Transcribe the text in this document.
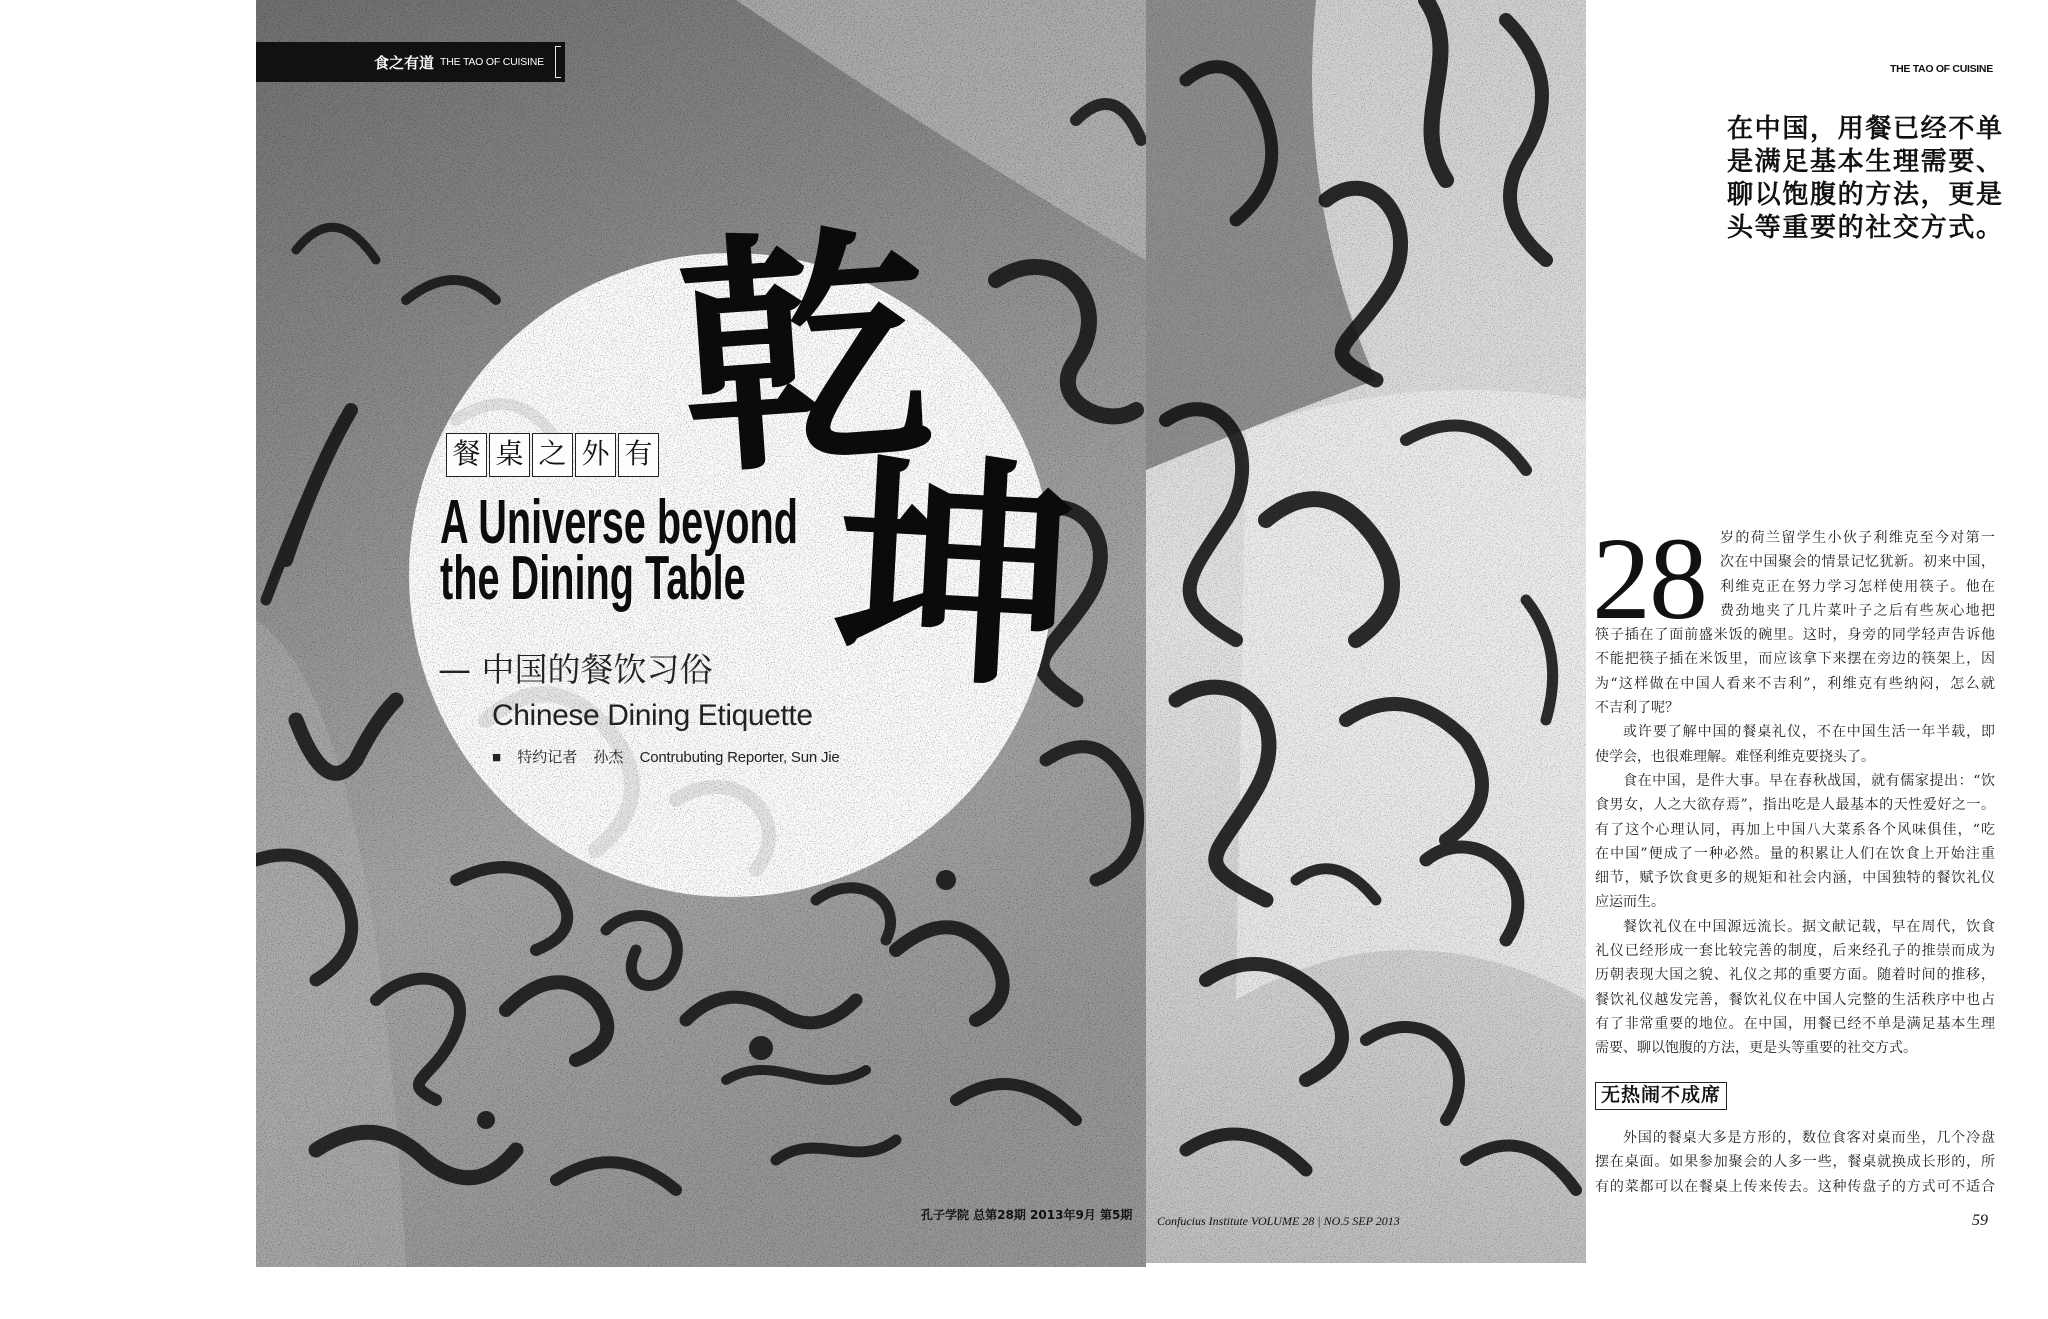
食之有道 THE TAO OF CUISINE
乾
坤
餐 桌 之 外 有
A Universe beyond
the Dining Table
— 中国的餐饮习俗
Chinese Dining Etiquette
■ 特约记者 孙杰 Contrubuting Reporter, Sun Jie
孔子学院 总第28期 2013年9月 第5期
THE TAO OF CUISINE
在中国，用餐已经不单
是满足基本生理需要、
聊以饱腹的方法，更是
头等重要的社交方式。
28 岁的荷兰留学生小伙子利维克至今对第一
次在中国聚会的情景记忆犹新。初来中国，
利维克正在努力学习怎样使用筷子。他在
费劲地夹了几片菜叶子之后有些灰心地把
筷子插在了面前盛米饭的碗里。这时，身旁的同学轻声告诉他
不能把筷子插在米饭里，而应该拿下来摆在旁边的筷架上，因
为“这样做在中国人看来不吉利”，利维克有些纳闷，怎么就
不吉利了呢？
或许要了解中国的餐桌礼仪，不在中国生活一年半载，即
使学会，也很难理解。难怪利维克要挠头了。
食在中国，是件大事。早在春秋战国，就有儒家提出：“饮
食男女，人之大欲存焉”，指出吃是人最基本的天性爱好之一。
有了这个心理认同，再加上中国八大菜系各个风味俱佳，“吃
在中国”便成了一种必然。量的积累让人们在饮食上开始注重
细节，赋予饮食更多的规矩和社会内涵，中国独特的餐饮礼仪
应运而生。
餐饮礼仪在中国源远流长。据文献记载，早在周代，饮食
礼仪已经形成一套比较完善的制度，后来经孔子的推崇而成为
历朝表现大国之貌、礼仪之邦的重要方面。随着时间的推移，
餐饮礼仪越发完善，餐饮礼仪在中国人完整的生活秩序中也占
有了非常重要的地位。在中国，用餐已经不单是满足基本生理
需要、聊以饱腹的方法，更是头等重要的社交方式。
无热闹不成席
外国的餐桌大多是方形的，数位食客对桌而坐，几个冷盘
摆在桌面。如果参加聚会的人多一些，餐桌就换成长形的，所
有的菜都可以在餐桌上传来传去。这种传盘子的方式可不适合
Confucius Institute VOLUME 28 | NO.5 SEP 2013	59
